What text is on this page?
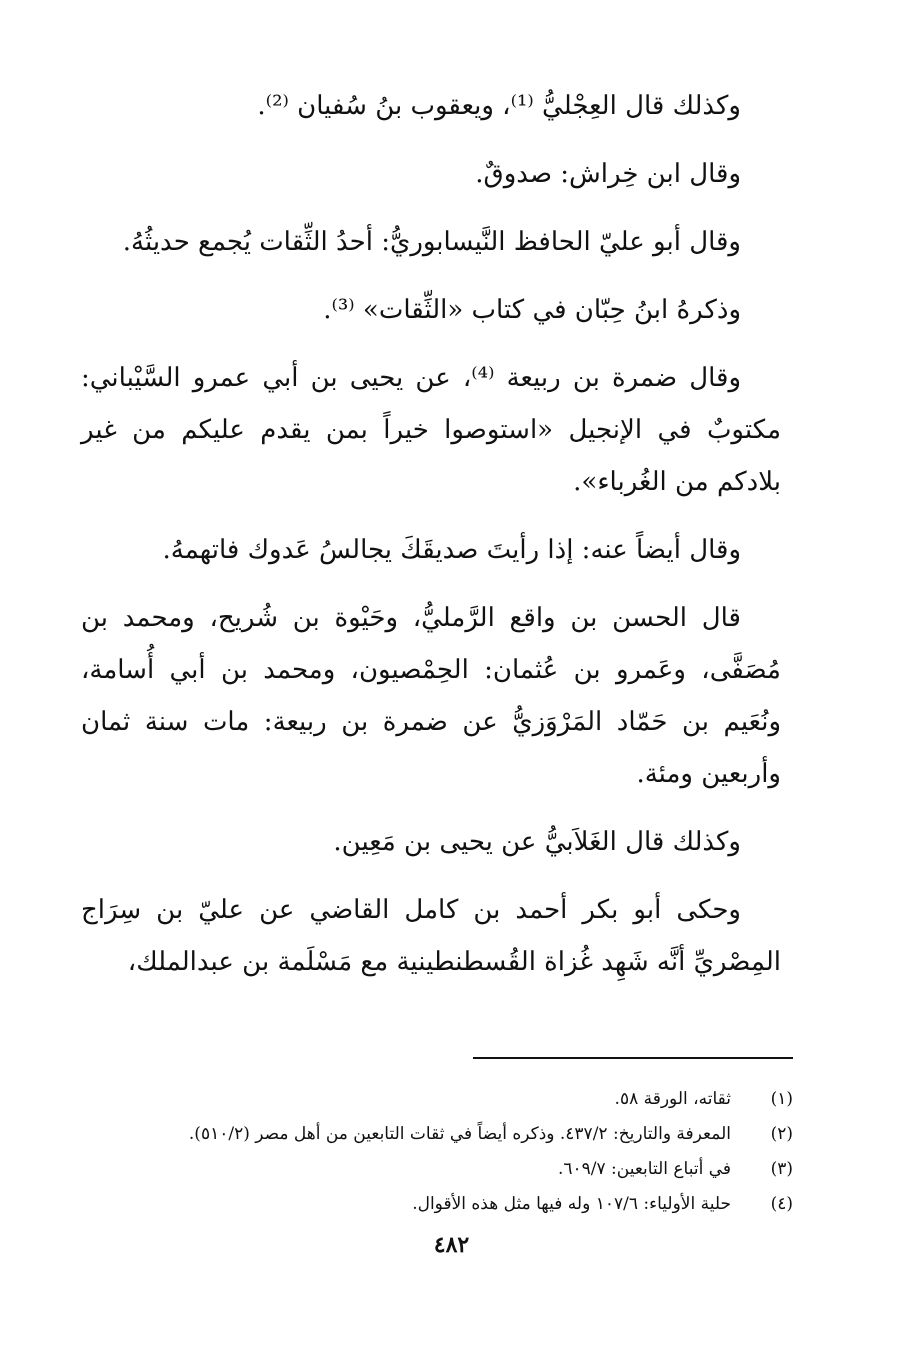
وكذلك قال العِجْليُّ ⁽¹⁾، ويعقوب بنُ سُفيان ⁽²⁾.

وقال ابن خِراش: صدوقٌ.

وقال أبو عليّ الحافظ النَّيسابوريُّ: أحدُ الثِّقات يُجمع حديثُهُ.

وذكرهُ ابنُ حِبّان في كتاب «الثِّقات» ⁽³⁾.

وقال ضمرة بن ربيعة ⁽⁴⁾، عن يحيى بن أبي عمرو السَّيْباني: مكتوبٌ في الإنجيل «استوصوا خيراً بمن يقدم عليكم من غير بلادكم من الغُرباء».

وقال أيضاً عنه: إذا رأيتَ صديقَكَ يجالسُ عَدوك فاتهمهُ.

قال الحسن بن واقع الرَّمليُّ، وحَيْوة بن شُريح، ومحمد بن مُصَفَّى، وعَمرو بن عُثمان: الحِمْصيون، ومحمد بن أبي أُسامة، ونُعَيم بن حَمّاد المَرْوَزيُّ عن ضمرة بن ربيعة: مات سنة ثمان وأربعين ومئة.

وكذلك قال الغَلاَبيُّ عن يحيى بن مَعِين.

وحكى أبو بكر أحمد بن كامل القاضي عن عليّ بن سِرَاج المِصْريِّ أنَّه شَهِد غُزاة القُسطنطينية مع مَسْلَمة بن عبدالملك،

(١)
ثقاته، الورقة ٥٨.
(٢)
المعرفة والتاريخ: ٤٣٧/٢. وذكره أيضاً في ثقات التابعين من أهل مصر (٥١٠/٢).
(٣)
في أتباع التابعين: ٦٠٩/٧.
(٤)
حلية الأولياء: ١٠٧/٦ وله فيها مثل هذه الأقوال.
٤٨٢
